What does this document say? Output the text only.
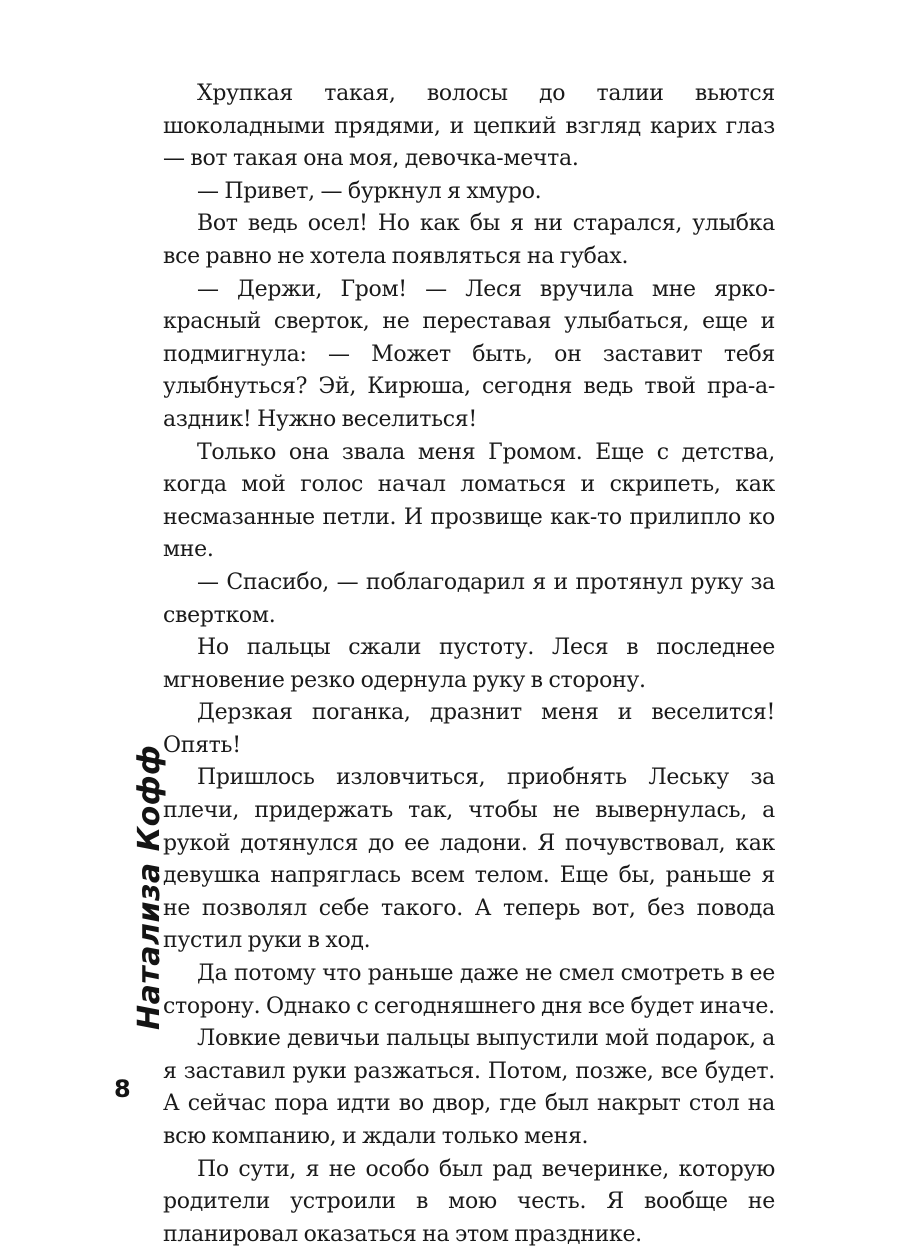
Хрупкая такая, волосы до талии вьются шоколадными прядями, и цепкий взгляд карих глаз — вот такая она моя, девочка-мечта.

— Привет, — буркнул я хмуро.

Вот ведь осел! Но как бы я ни старался, улыбка все равно не хотела появляться на губах.

— Держи, Гром! — Леся вручила мне ярко-красный сверток, не переставая улыбаться, еще и подмигнула: — Может быть, он заставит тебя улыбнуться? Эй, Кирюша, сегодня ведь твой пра-а-аздник! Нужно веселиться!

Только она звала меня Громом. Еще с детства, когда мой голос начал ломаться и скрипеть, как несмазанные петли. И прозвище как-то прилипло ко мне.

— Спасибо, — поблагодарил я и протянул руку за свертком.

Но пальцы сжали пустоту. Леся в последнее мгновение резко одернула руку в сторону.

Дерзкая поганка, дразнит меня и веселится! Опять!

Пришлось изловчиться, приобнять Леську за плечи, придержать так, чтобы не вывернулась, а рукой дотянулся до ее ладони. Я почувствовал, как девушка напряглась всем телом. Еще бы, раньше я не позволял себе такого. А теперь вот, без повода пустил руки в ход.

Да потому что раньше даже не смел смотреть в ее сторону. Однако с сегодняшнего дня все будет иначе.

Ловкие девичьи пальцы выпустили мой подарок, а я заставил руки разжаться. Потом, позже, все будет. А сейчас пора идти во двор, где был накрыт стол на всю компанию, и ждали только меня.

По сути, я не особо был рад вечеринке, которую родители устроили в мою честь. Я вообще не планировал оказаться на этом празднике.

Натализа Кофф
8
